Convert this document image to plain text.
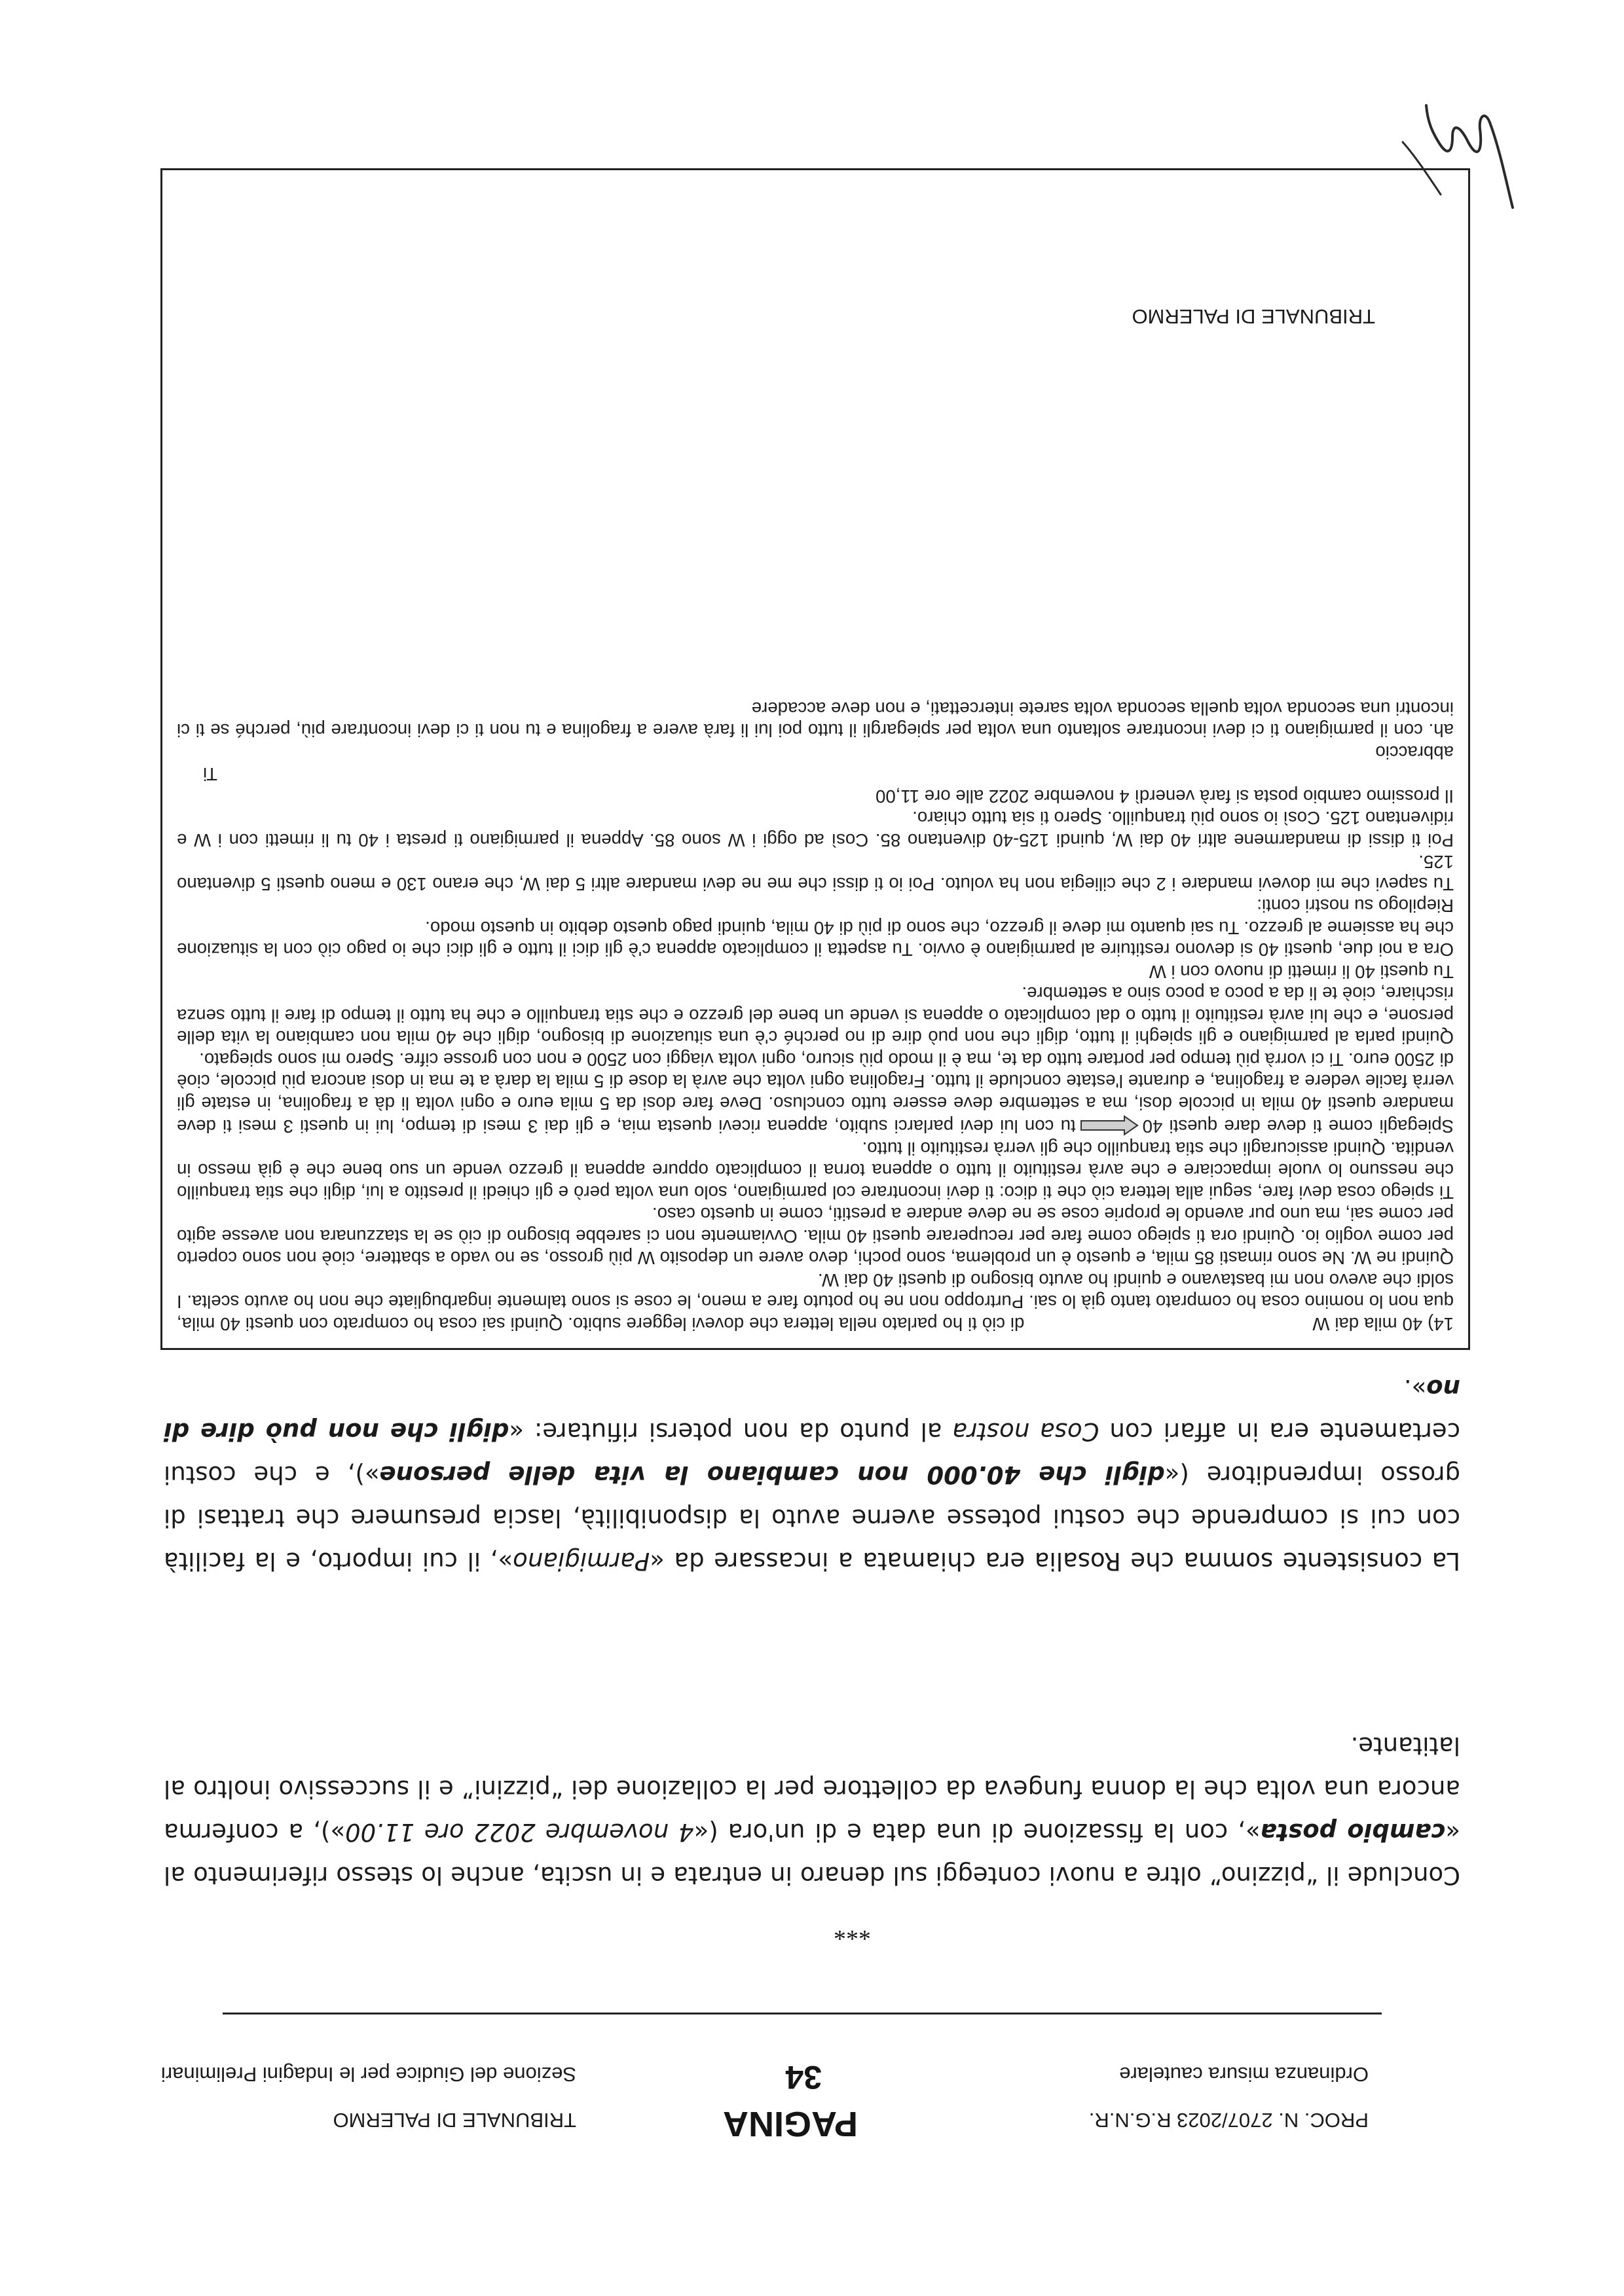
TRIBUNALE DI PALERMO
TRIBUNALE DI PALERMO
Sezione del Giudice per le Indagini Preliminari
PAGINA
34
PROC. N. 2707/2023 R.G.N.R.
Ordinanza misura cautelare
***

Conclude il “pizzino” oltre a nuovi conteggi sul denaro in entrata e in uscita, anche lo stesso riferimento al «cambio posta», con la fissazione di una data e di un'ora («4 novembre 2022 ore 11.00»), a conferma ancora una volta che la donna fungeva da collettore per la collazione dei “pizzini” e il successivo inoltro al latitante.

La consistente somma che Rosalia era chiamata a incassare da «Parmigiano», il cui importo, e la facilità con cui si comprende che costui potesse averne avuto la disponibilità, lascia presumere che trattasi di grosso imprenditore («digli che 40.000 non cambiano la vita delle persone»), e che costui certamente era in affari con Cosa nostra al punto da non potersi rifiutare: «digli che non può dire di no».

14) 40 mila dai Wdi ciò ti ho parlato nella lettera che dovevi leggere subito. Quindi sai cosa ho comprato con questi 40 mila, qua non lo nomino cosa ho comprato tanto già lo sai. Purtroppo non ne ho potuto fare a meno, le cose si sono talmente ingarbugliate che non ho avuto scelta. I soldi che avevo non mi bastavano e quindi ho avuto bisogno di questi 40 dai W.

Quindi ne W. Ne sono rimasti 85 mila, e questo è un problema, sono pochi, devo avere un deposito W più grosso, se no vado a sbattere, cioè non sono coperto per come voglio io. Quindi ora ti spiego come fare per recuperare questi 40 mila. Ovviamente non ci sarebbe bisogno di ciò se la stazzunara non avesse agito per come sai, ma uno pur avendo le proprie cose se ne deve andare a prestiti, come in questo caso.

Ti spiego cosa devi fare, segui alla lettera ciò che ti dico: ti devi incontrare col parmigiano, solo una volta però e gli chiedi il prestito a lui, digli che stia tranquillo che nessuno lo vuole impacciare e che avrà restituito il tutto o appena torna il complicato oppure appena il grezzo vende un suo bene che è già messo in vendita. Quindi assicuragli che stia tranquillo che gli verrà restituito il tutto.

Spiegagli come ti deve dare questi 40tu con lui devi parlarci subito, appena ricevi questa mia, e gli dai 3 mesi di tempo, lui in questi 3 mesi ti deve mandare questi 40 mila in piccole dosi, ma a settembre deve essere tutto concluso. Deve fare dosi da 5 mila euro e ogni volta li dà a fragolina, in estate gli verrà facile vedere a fragolina, e durante l'estate conclude il tutto. Fragolina ogni volta che avrà la dose di 5 mila la darà a te ma in dosi ancora più piccole, cioè di 2500 euro. Ti ci vorrà più tempo per portare tutto da te, ma è il modo più sicuro, ogni volta viaggi con 2500 e non con grosse cifre. Spero mi sono spiegato.

Quindi parla al parmigiano e gli spieghi il tutto, digli che non può dire di no perché c'è una situazione di bisogno, digli che 40 mila non cambiano la vita delle persone, e che lui avrà restituito il tutto o dal complicato o appena si vende un bene del grezzo e che stia tranquillo e che ha tutto il tempo di fare il tutto senza rischiare, cioè te li da a poco a poco sino a settembre.

Tu questi 40 li rimetti di nuovo con i W

Ora a noi due, questi 40 si devono restituire al parmigiano è ovvio. Tu aspetta il complicato appena c'è gli dici il tutto e gli dici che io pago ciò con la situazione che ha assieme al grezzo. Tu sai quanto mi deve il grezzo, che sono di più di 40 mila, quindi pago questo debito in questo modo.

Riepilogo su nostri conti:

Tu sapevi che mi dovevi mandare i 2 che ciliegia non ha voluto. Poi io ti dissi che me ne devi mandare altri 5 dai W, che erano 130 e meno questi 5 diventano 125.

Poi ti dissi di mandarmene altri 40 dai W, quindi 125-40 diventano 85. Così ad oggi i W sono 85. Appena il parmigiano ti presta i 40 tu li rimetti con i W e ridiventano 125. Così io sono più tranquillo. Spero ti sia tutto chiaro.

Il prossimo cambio posta si farà venerdì 4 novembre 2022 alle ore 11,00

Ti

abbraccio

ah. con il parmigiano ti ci devi incontrare soltanto una volta per spiegargli il tutto poi lui li farà avere a fragolina e tu non ti ci devi incontrare più, perché se ti ci incontri una seconda volta quella seconda volta sarete intercettati, e non deve accadere
